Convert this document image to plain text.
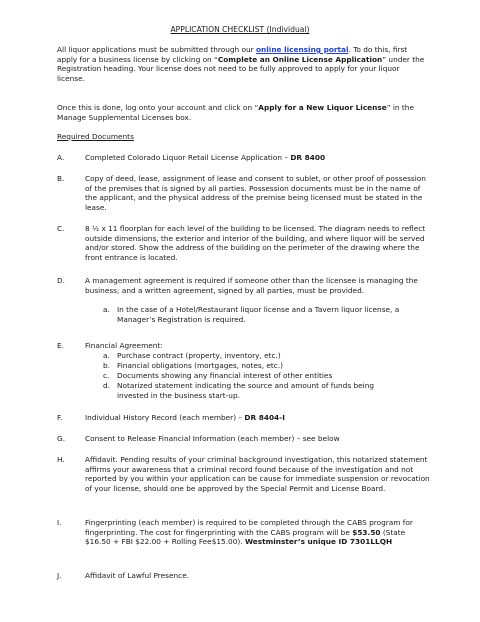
APPLICATION CHECKLIST (Individual)
All liquor applications must be submitted through our online licensing portal. To do this, first apply for a business license by clicking on “Complete an Online License Application” under the Registration heading. Your license does not need to be fully approved to apply for your liquor license.
Once this is done, log onto your account and click on “Apply for a New Liquor License” in the Manage Supplemental Licenses box.
Required Documents
A.	Completed Colorado Liquor Retail License Application – DR 8400
B.	Copy of deed, lease, assignment of lease and consent to sublet, or other proof of possession of the premises that is signed by all parties. Possession documents must be in the name of the applicant, and the physical address of the premise being licensed must be stated in the lease.
C.	8 ½ x 11 floorplan for each level of the building to be licensed. The diagram needs to reflect outside dimensions, the exterior and interior of the building, and where liquor will be served and/or stored. Show the address of the building on the perimeter of the drawing where the front entrance is located.
D.	A management agreement is required if someone other than the licensee is managing the business; and a written agreement, signed by all parties, must be provided.
a. In the case of a Hotel/Restaurant liquor license and a Tavern liquor license, a Manager’s Registration is required.
E.	Financial Agreement:
a. Purchase contract (property, inventory, etc.)
b. Financial obligations (mortgages, notes, etc.)
c.	Documents showing any financial interest of other entities
d. Notarized statement indicating the source and amount of funds being invested in the business start-up.
F.	Individual History Record (each member) – DR 8404-I
G.	Consent to Release Financial Information (each member) – see below
H.	Affidavit. Pending results of your criminal background investigation, this notarized statement affirms your awareness that a criminal record found because of the investigation and not reported by you within your application can be cause for immediate suspension or revocation of your license, should one be approved by the Special Permit and License Board.
I.	Fingerprinting (each member) is required to be completed through the CABS program for fingerprinting. The cost for fingerprinting with the CABS program will be $53.50 (State $16.50 + FBI $22.00 + Rolling Fee$15.00). Westminster’s unique ID 7301LLQH
J.	Affidavit of Lawful Presence.
